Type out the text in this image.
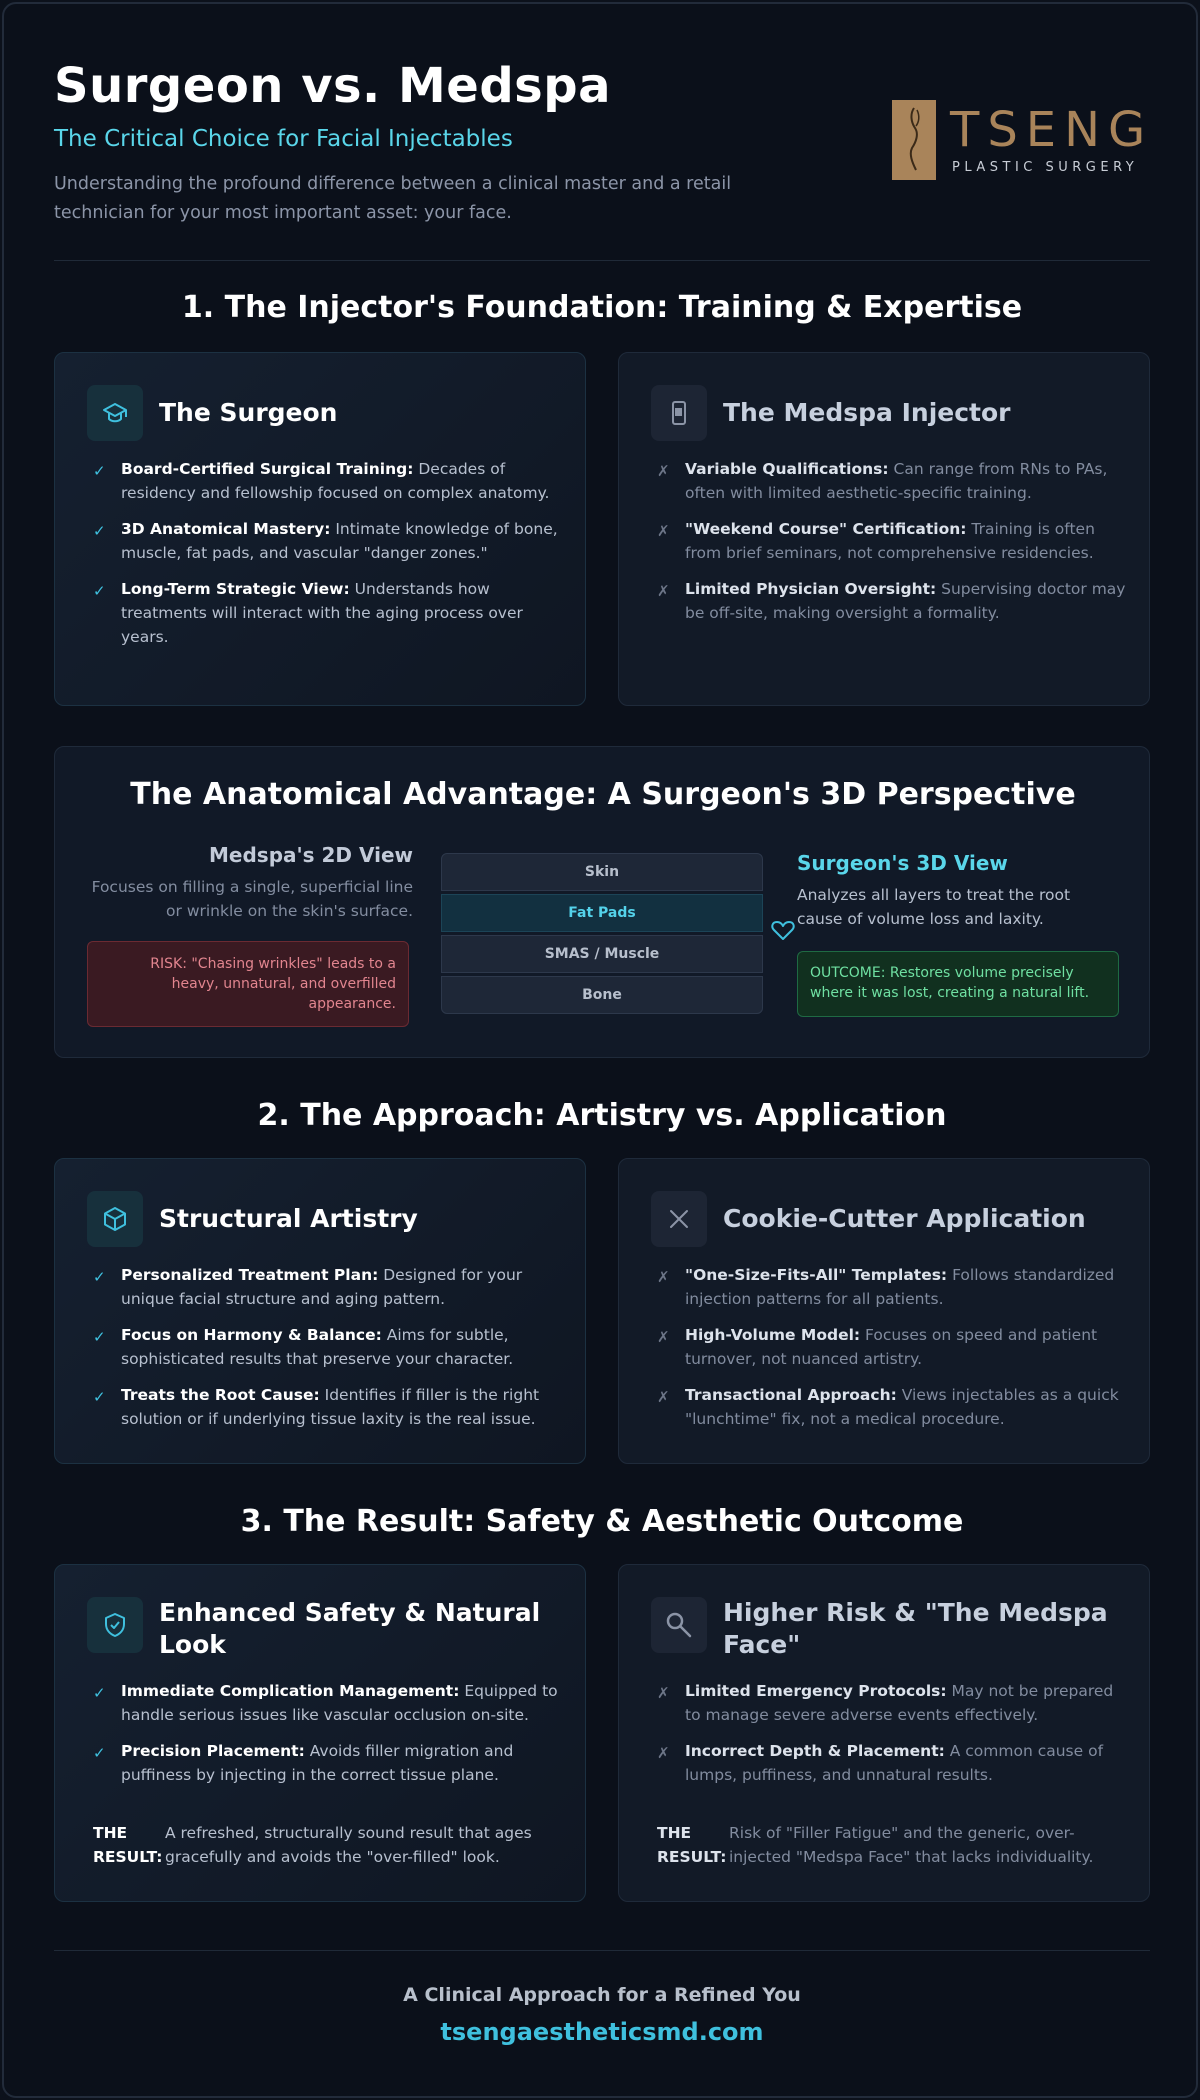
Surgeon vs. Medspa
The Critical Choice for Facial Injectables
Understanding the profound difference between a clinical master and a retail technician for your most important asset: your face.
TSENG
PLASTIC SURGERY
1. The Injector's Foundation: Training & Expertise
The Surgeon
✓ Board-Certified Surgical Training: Decades of residency and fellowship focused on complex anatomy.
✓ 3D Anatomical Mastery: Intimate knowledge of bone, muscle, fat pads, and vascular "danger zones."
✓ Long-Term Strategic View: Understands how treatments will interact with the aging process over years.
The Medspa Injector
✗ Variable Qualifications: Can range from RNs to PAs, often with limited aesthetic-specific training.
✗ "Weekend Course" Certification: Training is often from brief seminars, not comprehensive residencies.
✗ Limited Physician Oversight: Supervising doctor may be off-site, making oversight a formality.
The Anatomical Advantage: A Surgeon's 3D Perspective
Medspa's 2D View
Focuses on filling a single, superficial line or wrinkle on the skin's surface.
RISK: "Chasing wrinkles" leads to a heavy, unnatural, and overfilled appearance.
Skin
Fat Pads
SMAS / Muscle
Bone
Surgeon's 3D View
Analyzes all layers to treat the root cause of volume loss and laxity.
OUTCOME: Restores volume precisely where it was lost, creating a natural lift.
2. The Approach: Artistry vs. Application
Structural Artistry
✓ Personalized Treatment Plan: Designed for your unique facial structure and aging pattern.
✓ Focus on Harmony & Balance: Aims for subtle, sophisticated results that preserve your character.
✓ Treats the Root Cause: Identifies if filler is the right solution or if underlying tissue laxity is the real issue.
Cookie-Cutter Application
✗ "One-Size-Fits-All" Templates: Follows standardized injection patterns for all patients.
✗ High-Volume Model: Focuses on speed and patient turnover, not nuanced artistry.
✗ Transactional Approach: Views injectables as a quick "lunchtime" fix, not a medical procedure.
3. The Result: Safety & Aesthetic Outcome
Enhanced Safety & Natural Look
✓ Immediate Complication Management: Equipped to handle serious issues like vascular occlusion on-site.
✓ Precision Placement: Avoids filler migration and puffiness by injecting in the correct tissue plane.
THE RESULT:
A refreshed, structurally sound result that ages gracefully and avoids the "over-filled" look.
Higher Risk & "The Medspa Face"
✗ Limited Emergency Protocols: May not be prepared to manage severe adverse events effectively.
✗ Incorrect Depth & Placement: A common cause of lumps, puffiness, and unnatural results.
THE RESULT:
Risk of "Filler Fatigue" and the generic, over-injected "Medspa Face" that lacks individuality.
A Clinical Approach for a Refined You
tsengaestheticsmd.com
